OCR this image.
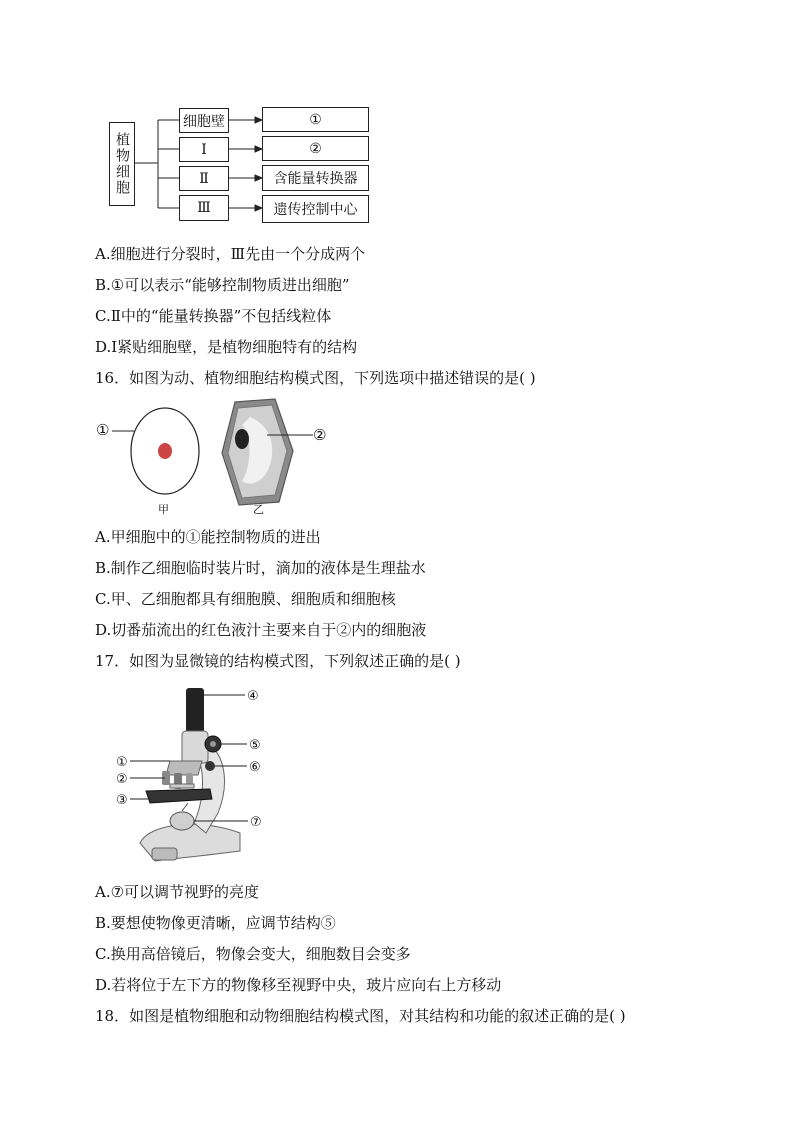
植物细胞
细胞壁
Ⅰ
Ⅱ
Ⅲ
①
②
含能量转换器
遗传控制中心
A.细胞进行分裂时，Ⅲ先由一个分成两个
B.①可以表示“能够控制物质进出细胞”
C.Ⅱ中的“能量转换器”不包括线粒体
D.Ⅰ紧贴细胞壁，是植物细胞特有的结构
16．如图为动、植物细胞结构模式图，下列选项中描述错误的是( )
①	②
甲	乙
A.甲细胞中的①能控制物质的进出
B.制作乙细胞临时装片时，滴加的液体是生理盐水
C.甲、乙细胞都具有细胞膜、细胞质和细胞核
D.切番茄流出的红色液汁主要来自于②内的细胞液
17．如图为显微镜的结构模式图，下列叙述正确的是( )
①
②
③
④
⑤
⑥
⑦
A.⑦可以调节视野的亮度
B.要想使物像更清晰，应调节结构⑤
C.换用高倍镜后，物像会变大，细胞数目会变多
D.若将位于左下方的物像移至视野中央，玻片应向右上方移动
18．如图是植物细胞和动物细胞结构模式图，对其结构和功能的叙述正确的是( )
